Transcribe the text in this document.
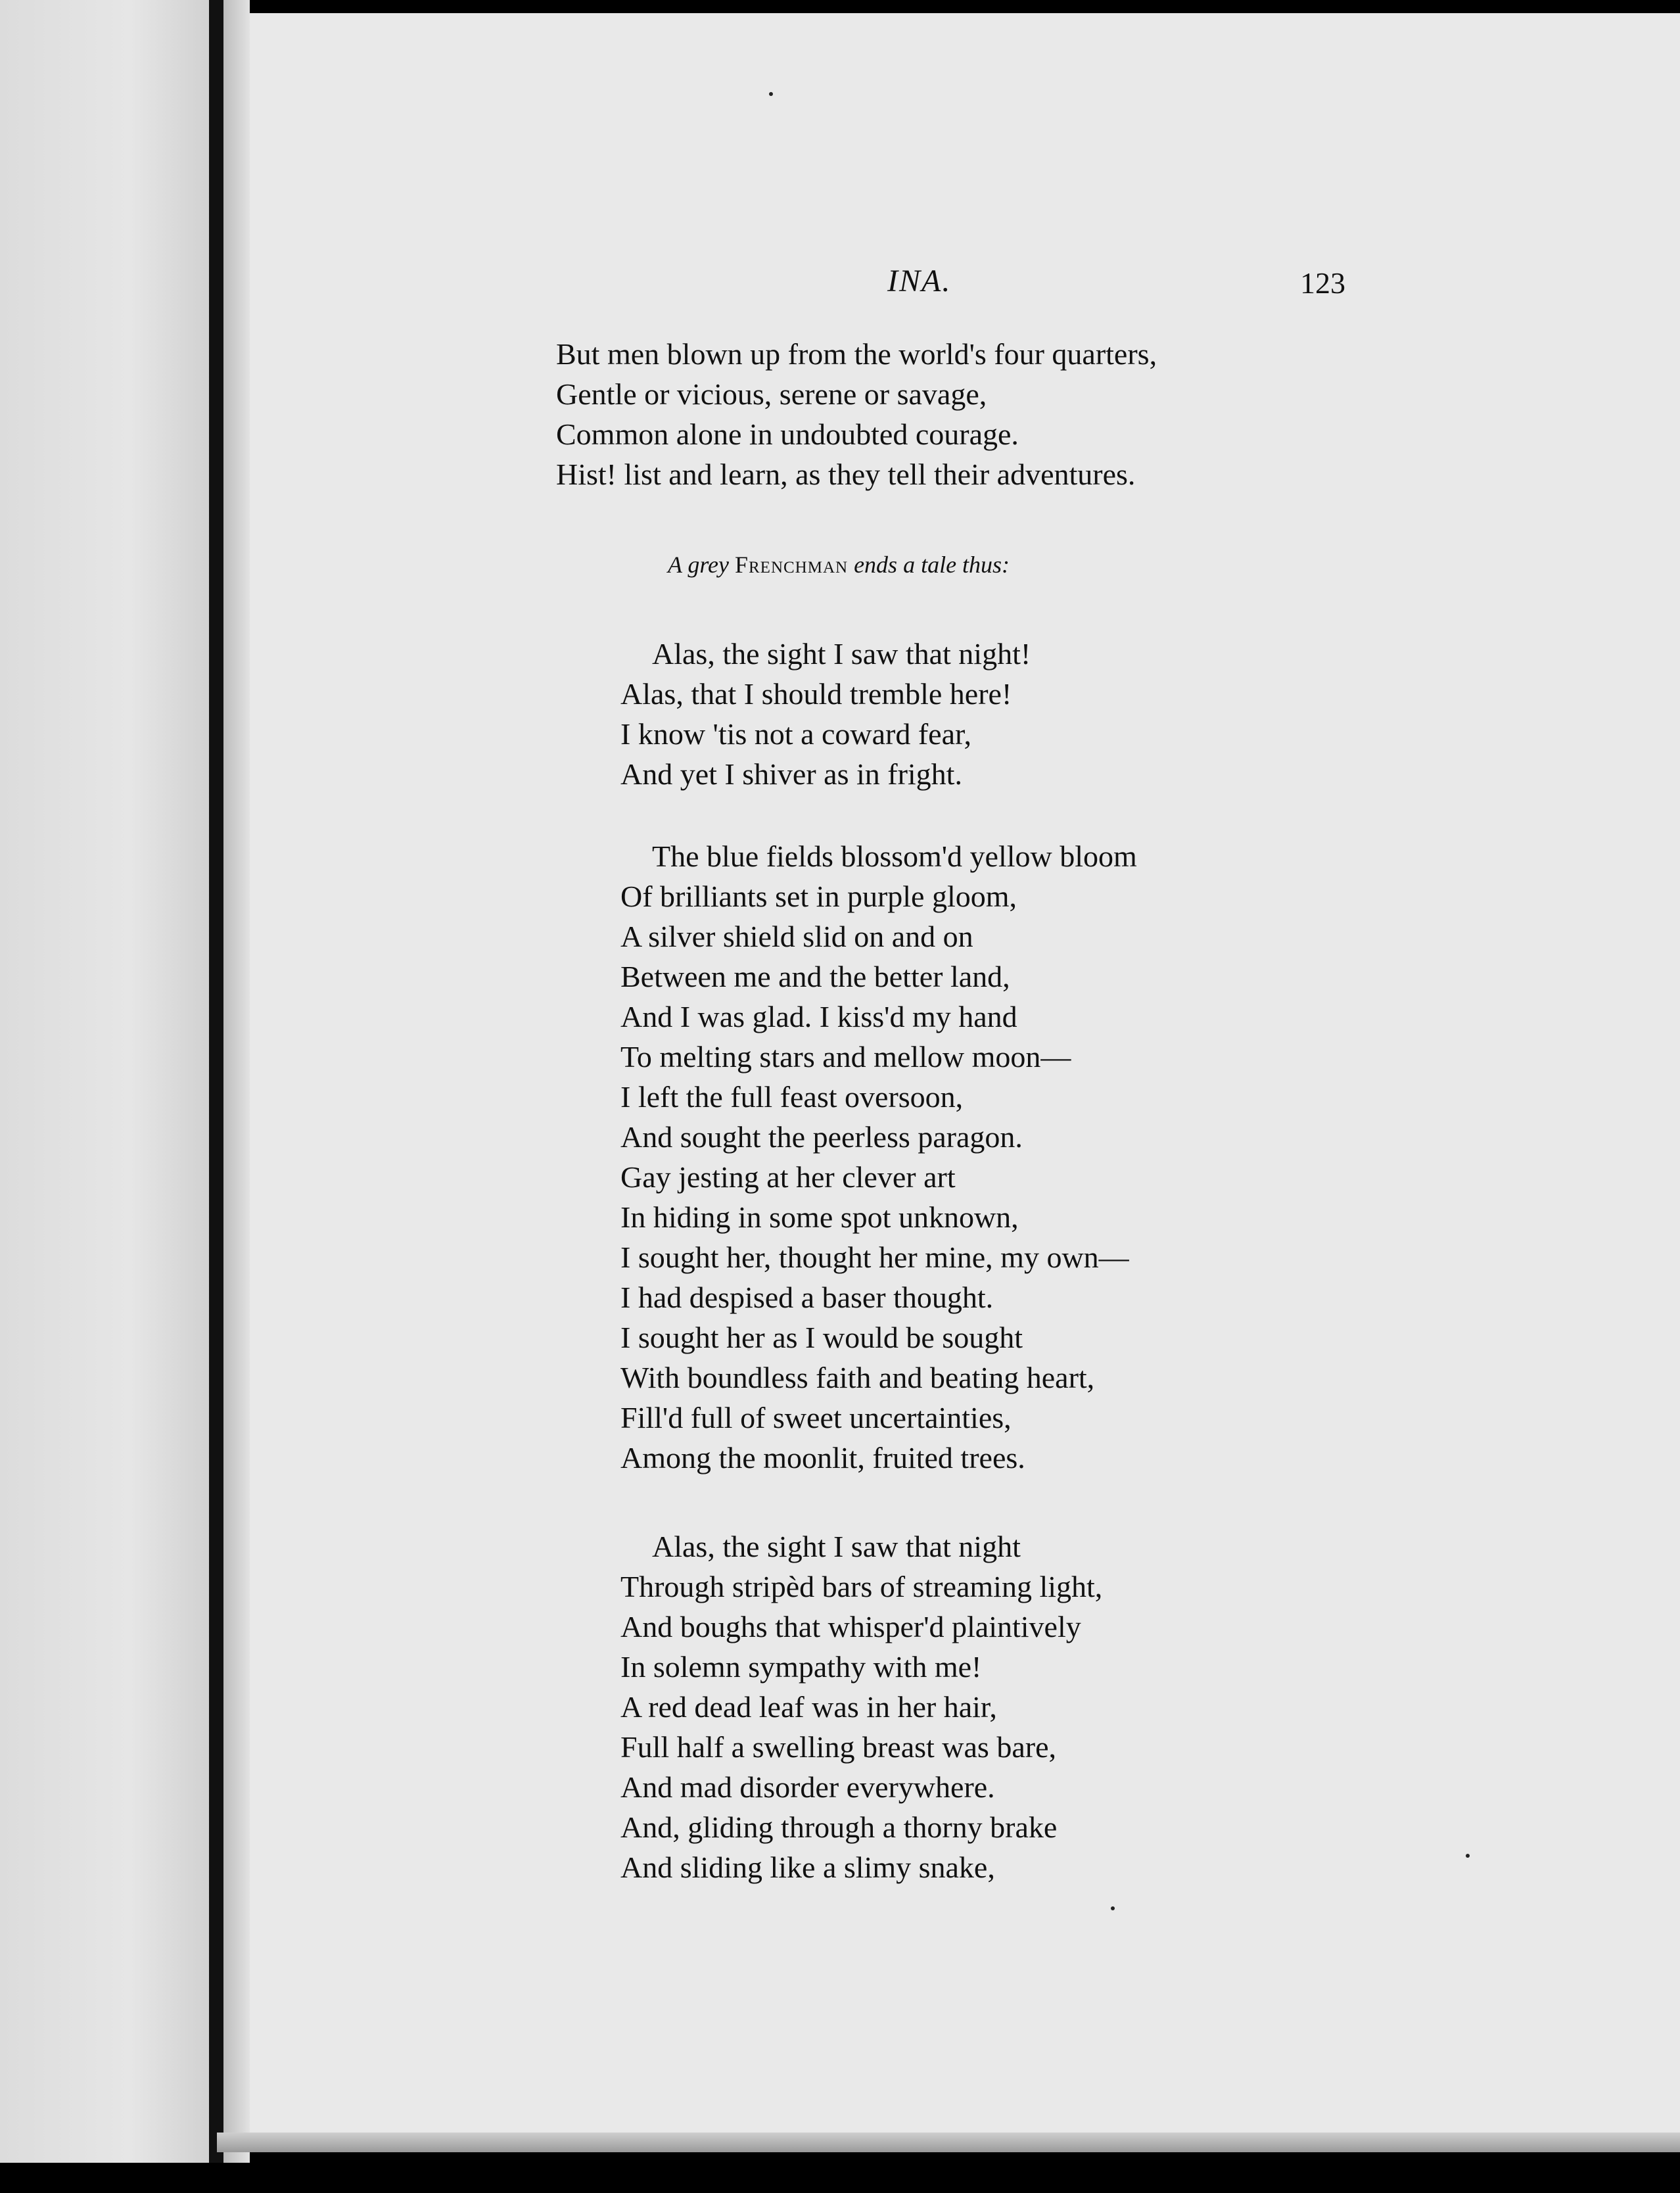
INA.	123
But men blown up from the world's four quarters,
Gentle or vicious, serene or savage,
Common alone in undoubted courage.
Hist! list and learn, as they tell their adventures.
A grey Frenchman ends a tale thus:
Alas, the sight I saw that night!
Alas, that I should tremble here!
I know 'tis not a coward fear,
And yet I shiver as in fright.
The blue fields blossom'd yellow bloom
Of brilliants set in purple gloom,
A silver shield slid on and on
Between me and the better land,
And I was glad. I kiss'd my hand
To melting stars and mellow moon—
I left the full feast oversoon,
And sought the peerless paragon.
Gay jesting at her clever art
In hiding in some spot unknown,
I sought her, thought her mine, my own—
I had despised a baser thought.
I sought her as I would be sought
With boundless faith and beating heart,
Fill'd full of sweet uncertainties,
Among the moonlit, fruited trees.
Alas, the sight I saw that night
Through stripèd bars of streaming light,
And boughs that whisper'd plaintively
In solemn sympathy with me!
A red dead leaf was in her hair,
Full half a swelling breast was bare,
And mad disorder everywhere.
And, gliding through a thorny brake
And sliding like a slimy snake,
